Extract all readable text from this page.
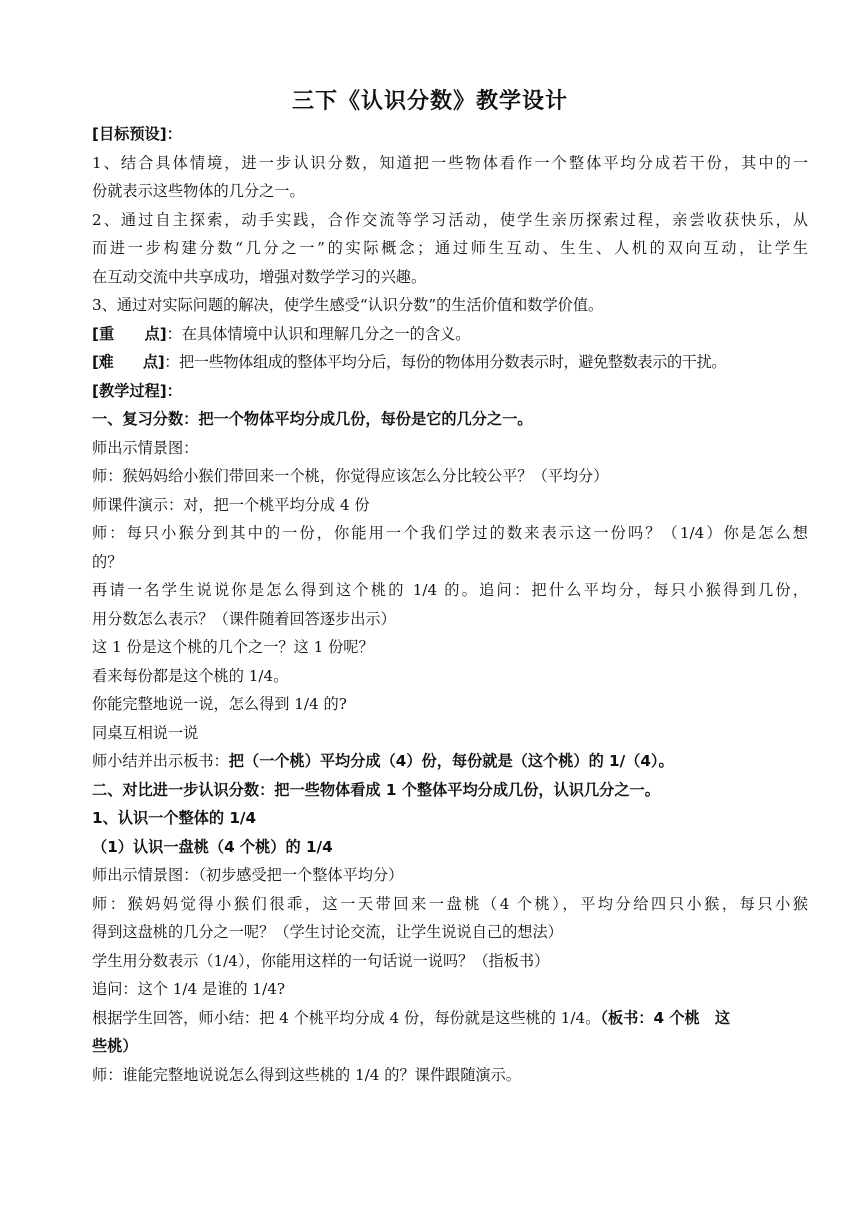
三下《认识分数》教学设计
[目标预设]：
1、结合具体情境，进一步认识分数，知道把一些物体看作一个整体平均分成若干份，其中的一
份就表示这些物体的几分之一。
2、通过自主探索，动手实践，合作交流等学习活动，使学生亲历探索过程，亲尝收获快乐，从
而进一步构建分数“几分之一”的实际概念；通过师生互动、生生、人机的双向互动，让学生
在互动交流中共享成功，增强对数学学习的兴趣。
3、通过对实际问题的解决，使学生感受“认识分数”的生活价值和数学价值。
[重　　点]：在具体情境中认识和理解几分之一的含义。
[难　　点]：把一些物体组成的整体平均分后，每份的物体用分数表示时，避免整数表示的干扰。
[教学过程]：
一、复习分数：把一个物体平均分成几份，每份是它的几分之一。
师出示情景图：
师：猴妈妈给小猴们带回来一个桃，你觉得应该怎么分比较公平？（平均分）
师课件演示：对，把一个桃平均分成 4 份
师：每只小猴分到其中的一份，你能用一个我们学过的数来表示这一份吗？（1/4）你是怎么想
的？
再请一名学生说说你是怎么得到这个桃的 1/4 的。追问：把什么平均分，每只小猴得到几份，
用分数怎么表示？（课件随着回答逐步出示）
这 1 份是这个桃的几个之一？这 1 份呢？
看来每份都是这个桃的 1/4。
你能完整地说一说，怎么得到 1/4 的?
同桌互相说一说
师小结并出示板书：把（一个桃）平均分成（4）份，每份就是（这个桃）的 1/（4）。
二、对比进一步认识分数：把一些物体看成 1 个整体平均分成几份，认识几分之一。
1、认识一个整体的 1/4
（1）认识一盘桃（4 个桃）的 1/4
师出示情景图：（初步感受把一个整体平均分）
师：猴妈妈觉得小猴们很乖，这一天带回来一盘桃（4 个桃），平均分给四只小猴，每只小猴
得到这盘桃的几分之一呢？（学生讨论交流，让学生说说自己的想法）
学生用分数表示（1/4），你能用这样的一句话说一说吗？（指板书）
追问：这个 1/4 是谁的 1/4?
根据学生回答，师小结：把 4 个桃平均分成 4 份，每份就是这些桃的 1/4。（板书：4 个桃　这
些桃）
师：谁能完整地说说怎么得到这些桃的 1/4 的？课件跟随演示。
